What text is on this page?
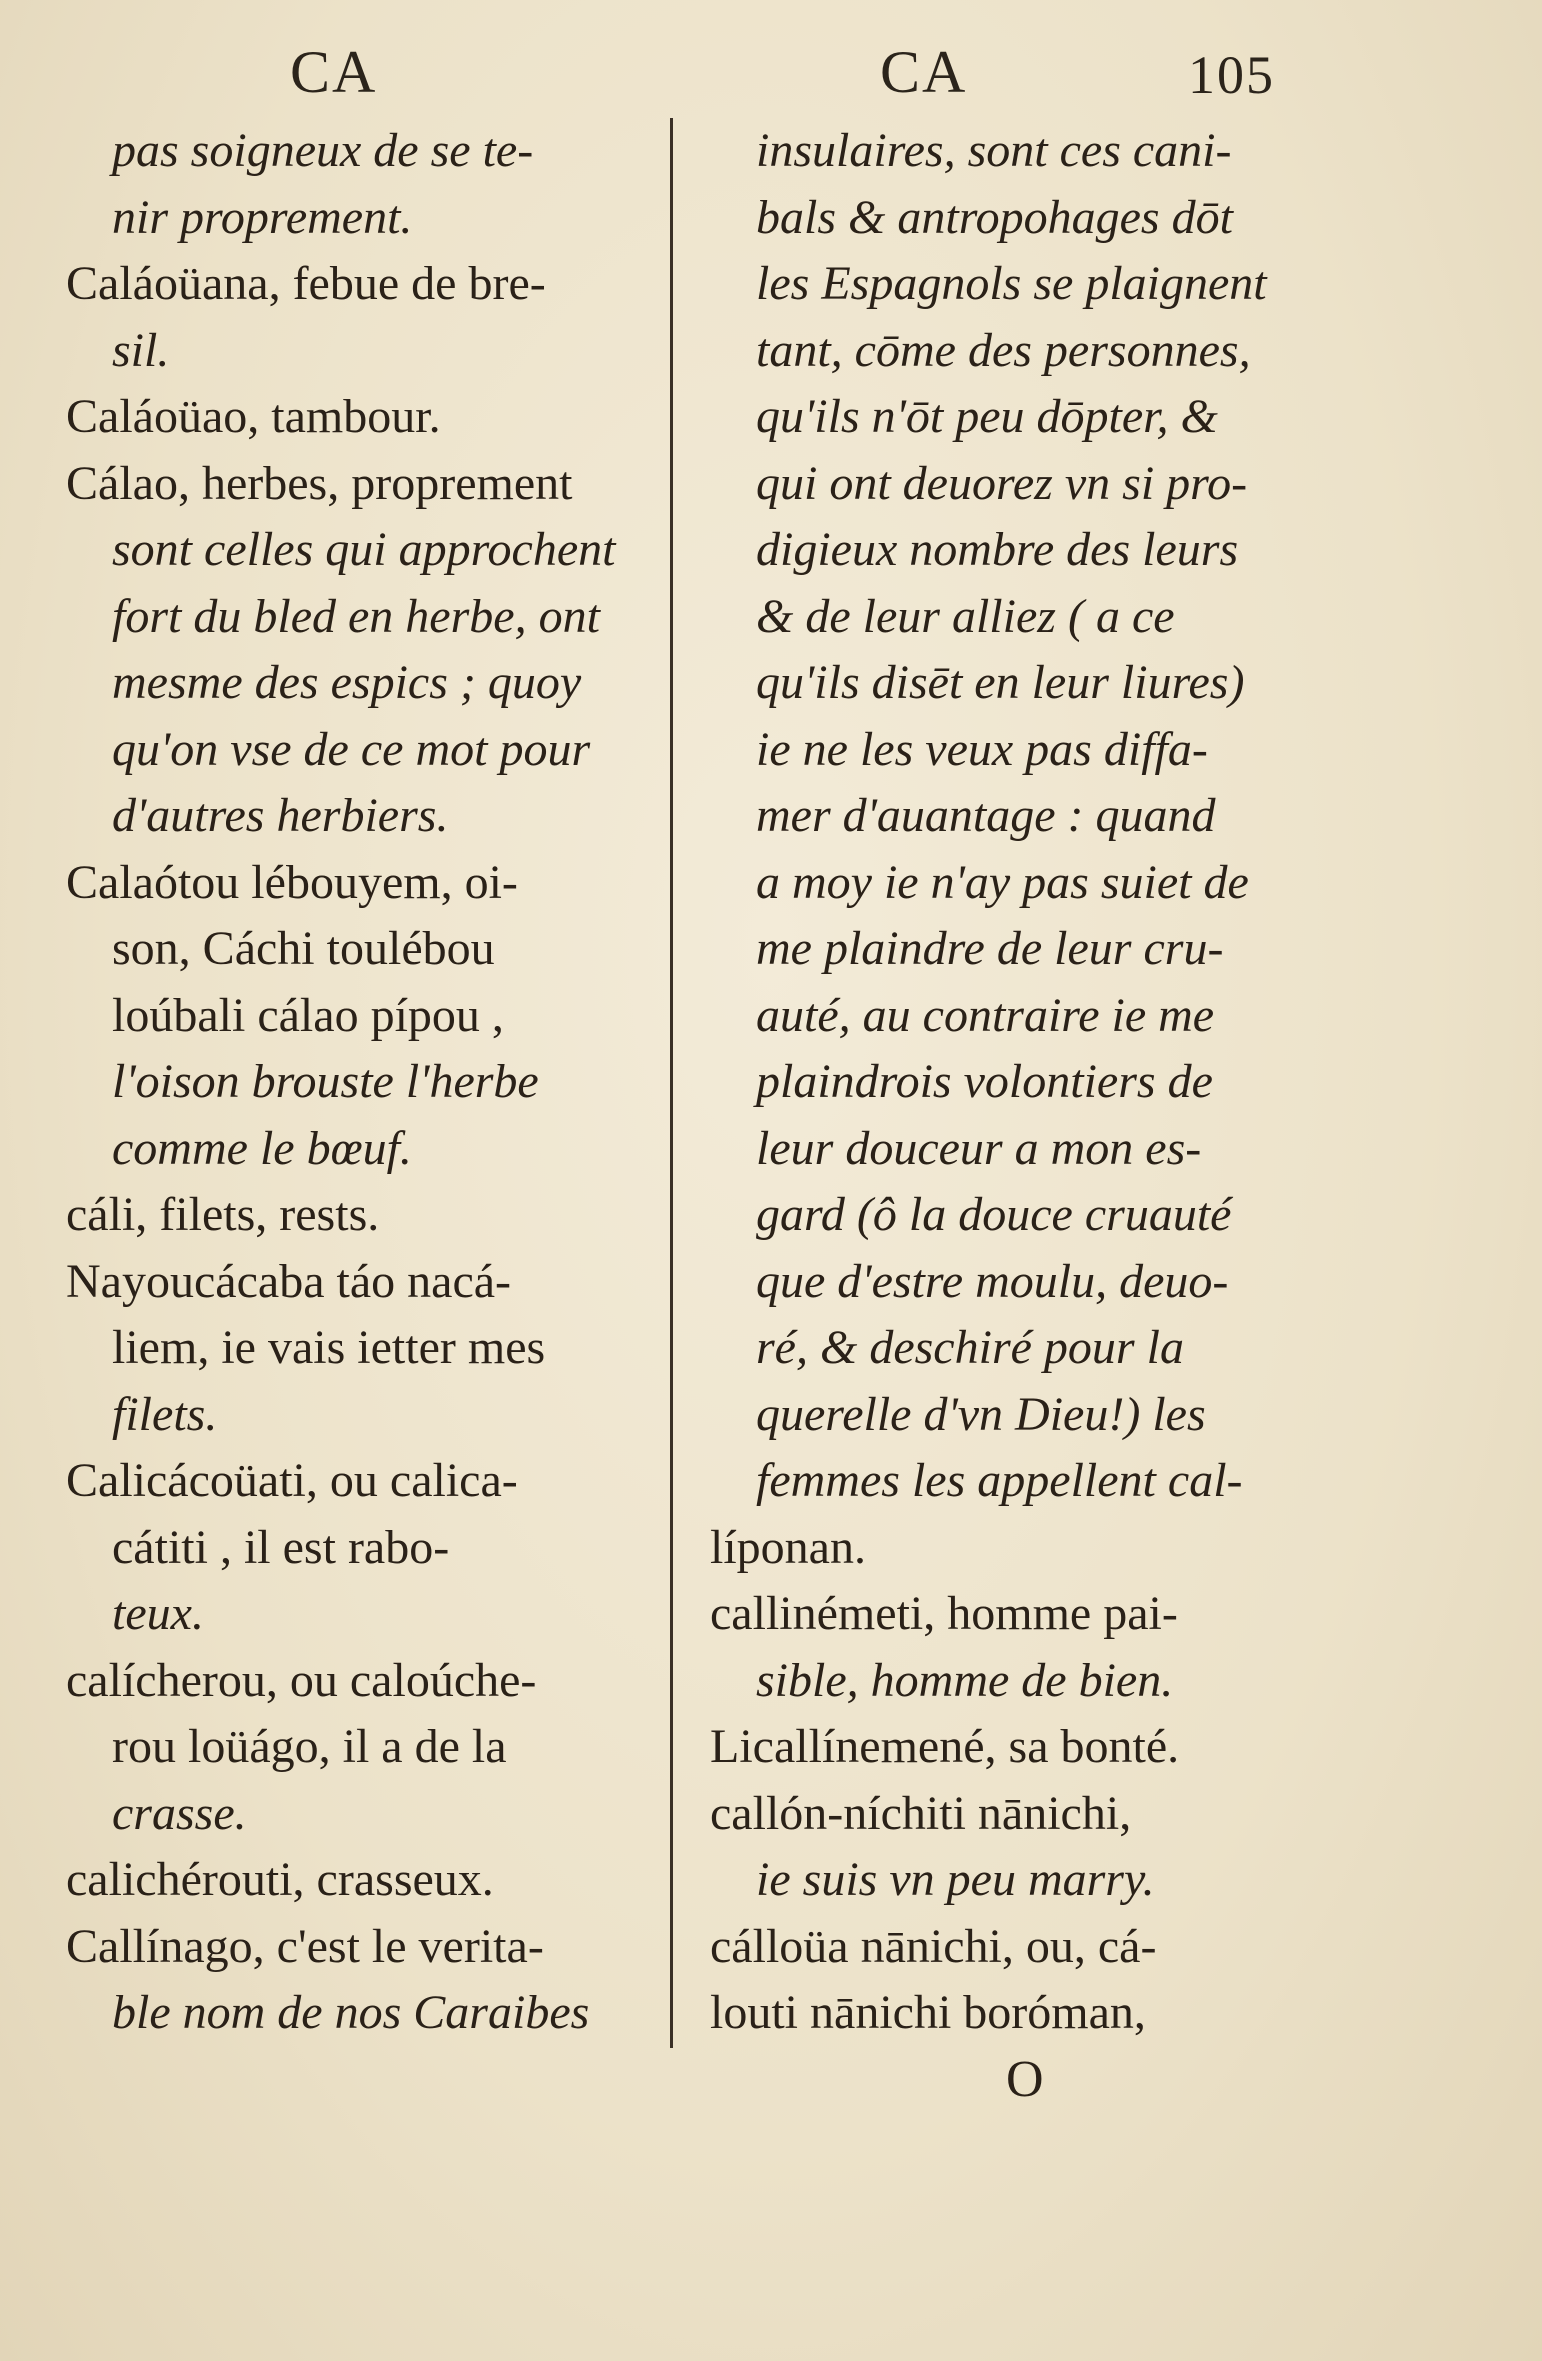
CA	CA	105

pas soigneux de se te-

nir proprement.

Caláoüana, febue de bre-

sil.

Caláoüao, tambour.

Cálao, herbes, proprement

sont celles qui approchent

fort du bled en herbe, ont

mesme des espics ; quoy

qu'on vse de ce mot pour

d'autres herbiers.

Calaótou lébouyem, oi-

son, Cáchi toulébou

loúbali cálao pípou ,

l'oison brouste l'herbe

comme le bœuf.

cáli, filets, rests.

Nayoucácaba táo nacá-

liem, ie vais ietter mes

filets.

Calicácoüati, ou calica-

cátiti , il est rabo-

teux.

calícherou, ou caloúche-

rou loüágo, il a de la

crasse.

calichérouti, crasseux.

Callínago, c'est le verita-

ble nom de nos Caraibes

insulaires, sont ces cani-

bals & antropohages dōt

les Espagnols se plaignent

tant, cōme des personnes,

qu'ils n'ōt peu dōpter, &

qui ont deuorez vn si pro-

digieux nombre des leurs

& de leur alliez ( a ce

qu'ils disēt en leur liures)

ie ne les veux pas diffa-

mer d'auantage : quand

a moy ie n'ay pas suiet de

me plaindre de leur cru-

auté, au contraire ie me

plaindrois volontiers de

leur douceur a mon es-

gard (ô la douce cruauté

que d'estre moulu, deuo-

ré, & deschiré pour la

querelle d'vn Dieu!) les

femmes les appellent cal-

líponan.

callinémeti, homme pai-

sible, homme de bien.

Licallínemené, sa bonté.

callón-níchiti nānichi,

ie suis vn peu marry.

cálloüa nānichi, ou, cá-

louti nānichi boróman,

O
